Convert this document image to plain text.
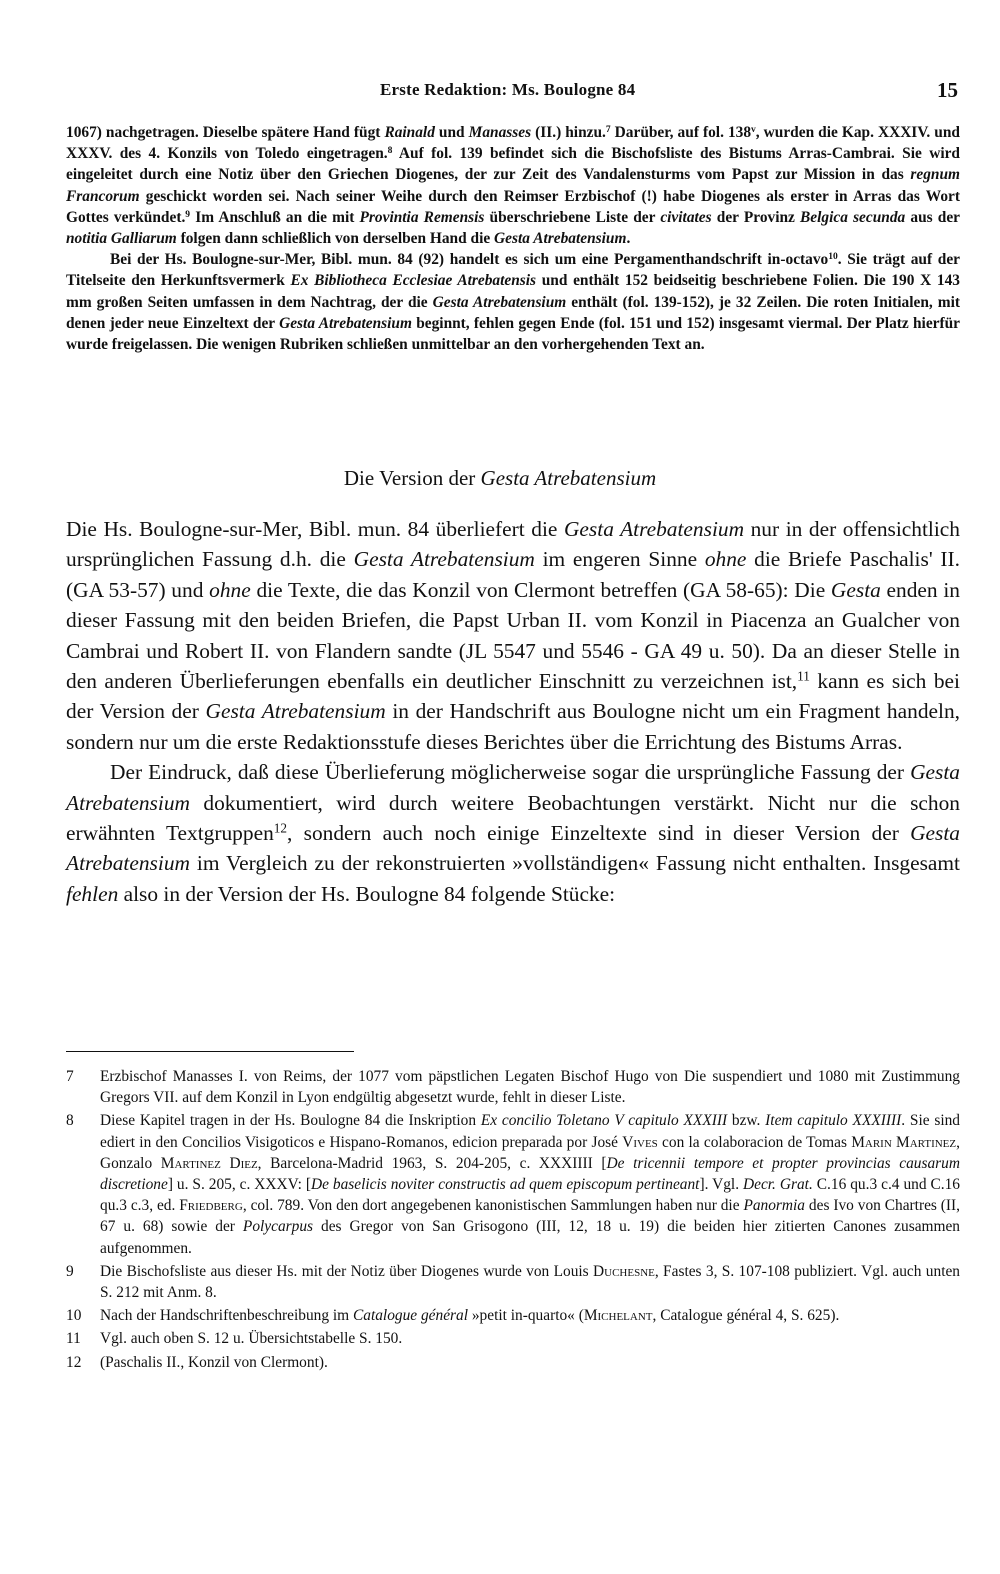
Erste Redaktion: Ms. Boulogne 84	15

1067) nachgetragen. Dieselbe spätere Hand fügt Rainald und Manasses (II.) hinzu.$^7$ Darüber, auf fol. 138$^v$, wurden die Kap. XXXIV. und XXXV. des 4. Konzils von Toledo eingetragen.$^8$ Auf fol. 139 befindet sich die Bischofsliste des Bistums Arras-Cambrai. Sie wird eingeleitet durch eine Notiz über den Griechen Diogenes, der zur Zeit des Vandalensturms vom Papst zur Mission in das regnum Francorum geschickt worden sei. Nach seiner Weihe durch den Reimser Erzbischof (!) habe Diogenes als erster in Arras das Wort Gottes verkündet.$^9$ Im Anschluß an die mit Provintia Remensis überschriebene Liste der civitates der Provinz Belgica secunda aus der notitia Galliarum folgen dann schließlich von derselben Hand die Gesta Atrebatensium.

Bei der Hs. Boulogne-sur-Mer, Bibl. mun. 84 (92) handelt es sich um eine Pergamenthandschrift in-octavo$^{10}$. Sie trägt auf der Titelseite den Herkunftsvermerk Ex Bibliotheca Ecclesiae Atrebatensis und enthält 152 beidseitig beschriebene Folien. Die 190 X 143 mm großen Seiten umfassen in dem Nachtrag, der die Gesta Atrebatensium enthält (fol. 139-152), je 32 Zeilen. Die roten Initialen, mit denen jeder neue Einzeltext der Gesta Atrebatensium beginnt, fehlen gegen Ende (fol. 151 und 152) insgesamt viermal. Der Platz hierfür wurde freigelassen. Die wenigen Rubriken schließen unmittelbar an den vorhergehenden Text an.

Die Version der Gesta Atrebatensium

Die Hs. Boulogne-sur-Mer, Bibl. mun. 84 überliefert die Gesta Atrebatensium nur in der offensichtlich ursprünglichen Fassung d.h. die Gesta Atrebatensium im engeren Sinne ohne die Briefe Paschalis' II. (GA 53-57) und ohne die Texte, die das Konzil von Clermont betreffen (GA 58-65): Die Gesta enden in dieser Fassung mit den beiden Briefen, die Papst Urban II. vom Konzil in Piacenza an Gualcher von Cambrai und Robert II. von Flandern sandte (JL 5547 und 5546 - GA 49 u. 50). Da an dieser Stelle in den anderen Überlieferungen ebenfalls ein deutlicher Einschnitt zu verzeichnen ist,$^{11}$ kann es sich bei der Version der Gesta Atrebatensium in der Handschrift aus Boulogne nicht um ein Fragment handeln, sondern nur um die erste Redaktionsstufe dieses Berichtes über die Errichtung des Bistums Arras.

Der Eindruck, daß diese Überlieferung möglicherweise sogar die ursprüngliche Fassung der Gesta Atrebatensium dokumentiert, wird durch weitere Beobachtungen verstärkt. Nicht nur die schon erwähnten Textgruppen$^{12}$, sondern auch noch einige Einzeltexte sind in dieser Version der Gesta Atrebatensium im Vergleich zu der rekonstruierten »vollständigen« Fassung nicht enthalten. Insgesamt fehlen also in der Version der Hs. Boulogne 84 folgende Stücke:

7	Erzbischof Manasses I. von Reims, der 1077 vom päpstlichen Legaten Bischof Hugo von Die suspendiert und 1080 mit Zustimmung Gregors VII. auf dem Konzil in Lyon endgültig abgesetzt wurde, fehlt in dieser Liste.
8	Diese Kapitel tragen in der Hs. Boulogne 84 die Inskription Ex concilio Toletano V capitulo XXXIII bzw. Item capitulo XXXIIII. Sie sind ediert in den Concilios Visigoticos e Hispano-Romanos, edicion preparada por José Vives con la colaboracion de Tomas Marin Martinez, Gonzalo Martinez Diez, Barcelona-Madrid 1963, S. 204-205, c. XXXIIII [De tricennii tempore et propter provincias causarum discretione] u. S. 205, c. XXXV: [De baselicis noviter constructis ad quem episcopum pertineant]. Vgl. Decr. Grat. C.16 qu.3 c.4 und C.16 qu.3 c.3, ed. Friedberg, col. 789. Von den dort angegebenen kanonistischen Sammlungen haben nur die Panormia des Ivo von Chartres (II, 67 u. 68) sowie der Polycarpus des Gregor von San Grisogono (III, 12, 18 u. 19) die beiden hier zitierten Canones zusammen aufgenommen.
9	Die Bischofsliste aus dieser Hs. mit der Notiz über Diogenes wurde von Louis Duchesne, Fastes 3, S. 107-108 publiziert. Vgl. auch unten S. 212 mit Anm. 8.
10	Nach der Handschriftenbeschreibung im Catalogue général »petit in-quarto« (Michelant, Catalogue général 4, S. 625).
11	Vgl. auch oben S. 12 u. Übersichtstabelle S. 150.
12	(Paschalis II., Konzil von Clermont).
